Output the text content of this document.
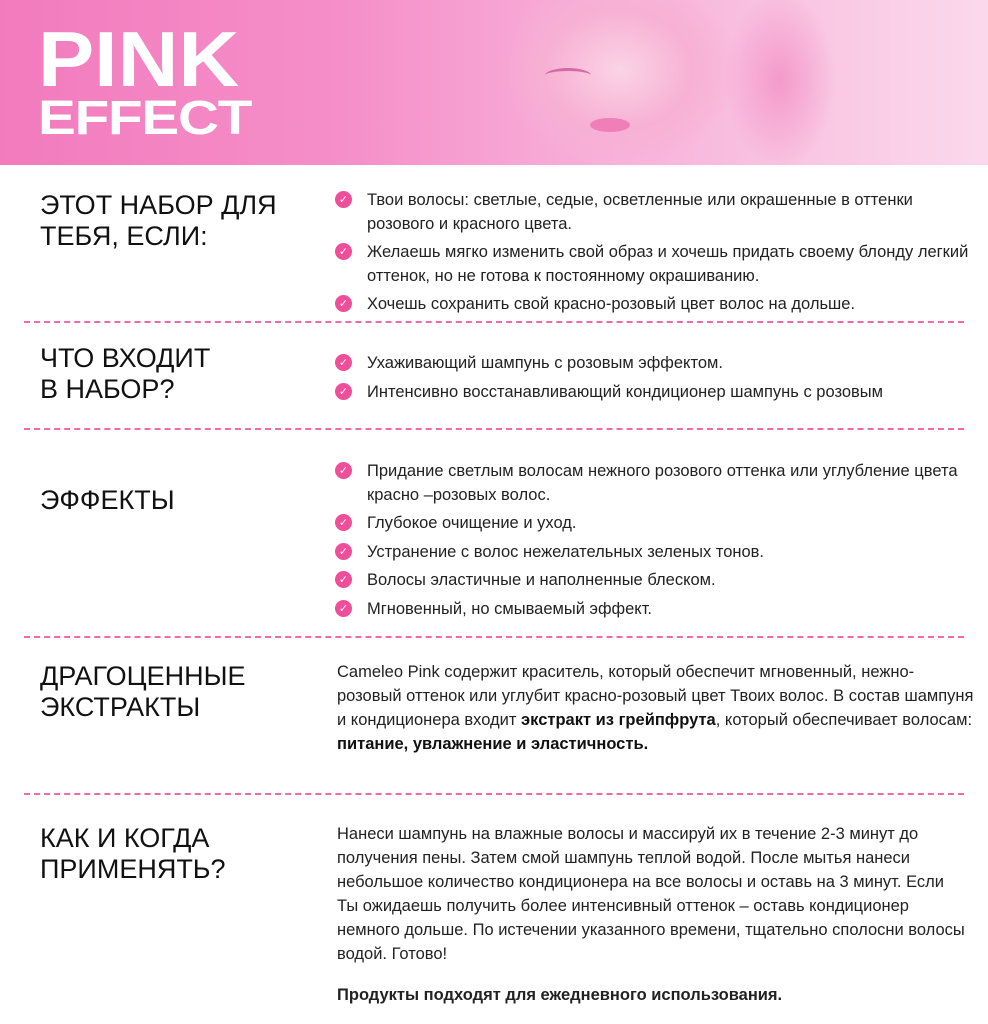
PINK
EFFECT
ЭТОТ НАБОР ДЛЯ
ТЕБЯ, ЕСЛИ:
✓ Твои волосы: светлые, седые, осветленные или окрашенные в оттенки розового и красного цвета.
✓ Желаешь мягко изменить свой образ и хочешь придать своему блонду легкий оттенок, но не готова к постоянному окрашиванию.
✓ Хочешь сохранить свой красно-розовый цвет волос на дольше.
ЧТО ВХОДИТ
В НАБОР?
✓ Ухаживающий шампунь с розовым эффектом.
✓ Интенсивно восстанавливающий кондиционер шампунь с розовым
ЭФФЕКТЫ
✓ Придание светлым волосам нежного розового оттенка или углубление цвета красно –розовых волос.
✓ Глубокое очищение и уход.
✓ Устранение с волос нежелательных зеленых тонов.
✓ Волосы эластичные и наполненные блеском.
✓ Мгновенный, но смываемый эффект.
ДРАГОЦЕННЫЕ
ЭКСТРАКТЫ

Cameleo Pink содержит краситель, который обеспечит мгновенный, нежно-розовый оттенок или углубит красно-розовый цвет Твоих волос. В состав шампуня и кондиционера входит экстракт из грейпфрута, который обеспечивает волосам: питание, увлажнение и эластичность.

КАК И КОГДА
ПРИМЕНЯТЬ?

Нанеси шампунь на влажные волосы и массируй их в течение 2-3 минут до получения пены. Затем смой шампунь теплой водой. После мытья нанеси небольшое количество кондиционера на все волосы и оставь на 3 минут. Если Ты ожидаешь получить более интенсивный оттенок – оставь кондиционер немного дольше. По истечении указанного времени, тщательно сполосни волосы водой. Готово!

Продукты подходят для ежедневного использования.
